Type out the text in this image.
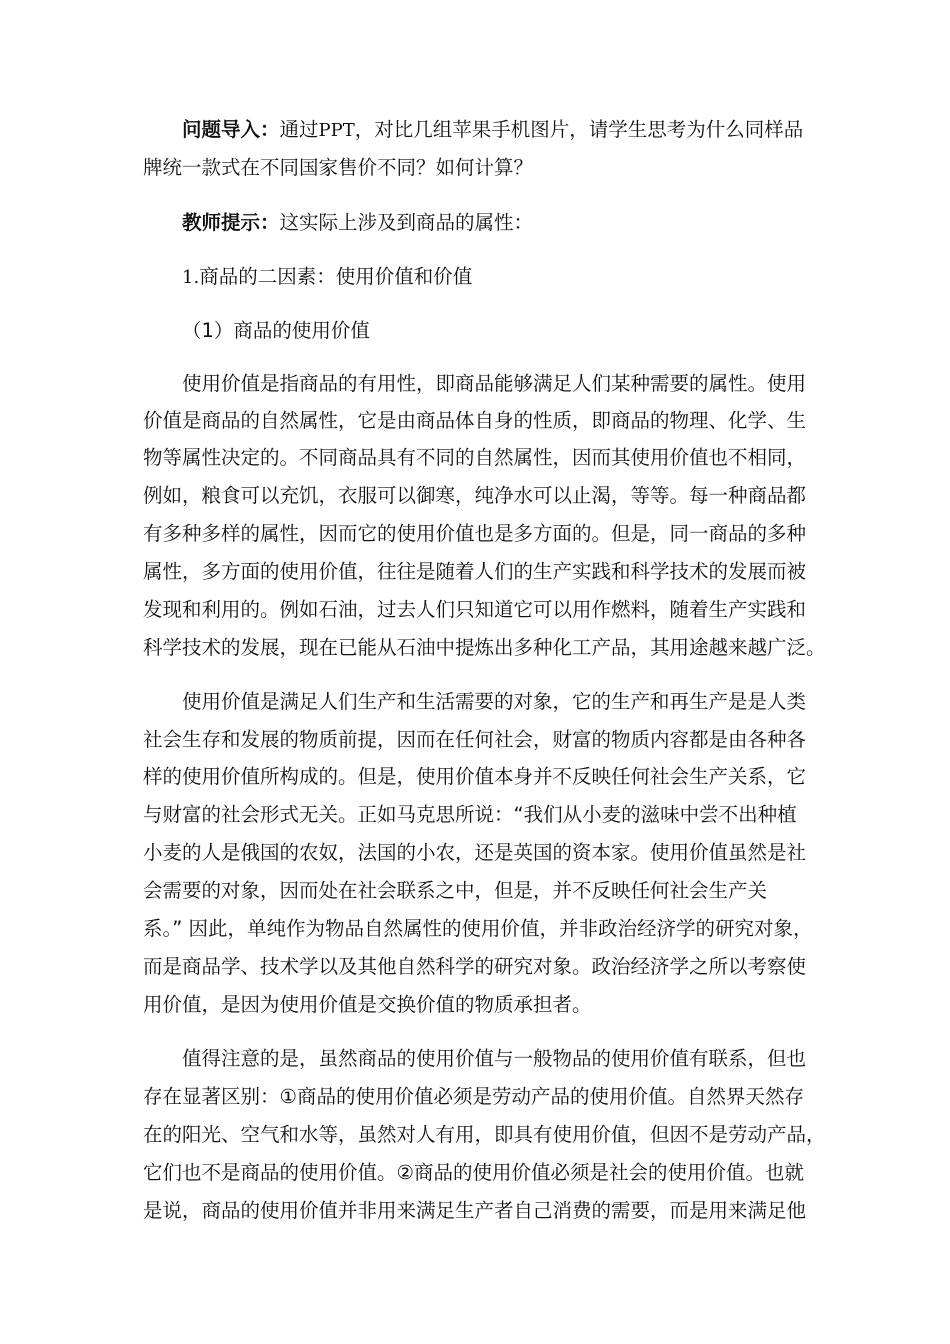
问题导入：通过PPT，对比几组苹果手机图片，请学生思考为什么同样品
牌统一款式在不同国家售价不同？如何计算？
教师提示：这实际上涉及到商品的属性：
1.商品的二因素：使用价值和价值
（1）商品的使用价值
使用价值是指商品的有用性，即商品能够满足人们某种需要的属性。使用
价值是商品的自然属性，它是由商品体自身的性质，即商品的物理、化学、生
物等属性决定的。不同商品具有不同的自然属性，因而其使用价值也不相同，
例如，粮食可以充饥，衣服可以御寒，纯净水可以止渴，等等。每一种商品都
有多种多样的属性，因而它的使用价值也是多方面的。但是，同一商品的多种
属性，多方面的使用价值，往往是随着人们的生产实践和科学技术的发展而被
发现和利用的。例如石油，过去人们只知道它可以用作燃料，随着生产实践和
科学技术的发展，现在已能从石油中提炼出多种化工产品，其用途越来越广泛。
使用价值是满足人们生产和生活需要的对象，它的生产和再生产是是人类
社会生存和发展的物质前提，因而在任何社会，财富的物质内容都是由各种各
样的使用价值所构成的。但是，使用价值本身并不反映任何社会生产关系，它
与财富的社会形式无关。正如马克思所说：“我们从小麦的滋味中尝不出种植
小麦的人是俄国的农奴，法国的小农，还是英国的资本家。使用价值虽然是社
会需要的对象，因而处在社会联系之中，但是，并不反映任何社会生产关
系。” 因此，单纯作为物品自然属性的使用价值，并非政治经济学的研究对象，
而是商品学、技术学以及其他自然科学的研究对象。政治经济学之所以考察使
用价值，是因为使用价值是交换价值的物质承担者。
值得注意的是，虽然商品的使用价值与一般物品的使用价值有联系，但也
存在显著区别：①商品的使用价值必须是劳动产品的使用价值。自然界天然存
在的阳光、空气和水等，虽然对人有用，即具有使用价值，但因不是劳动产品，
它们也不是商品的使用价值。②商品的使用价值必须是社会的使用价值。也就
是说，商品的使用价值并非用来满足生产者自己消费的需要，而是用来满足他
